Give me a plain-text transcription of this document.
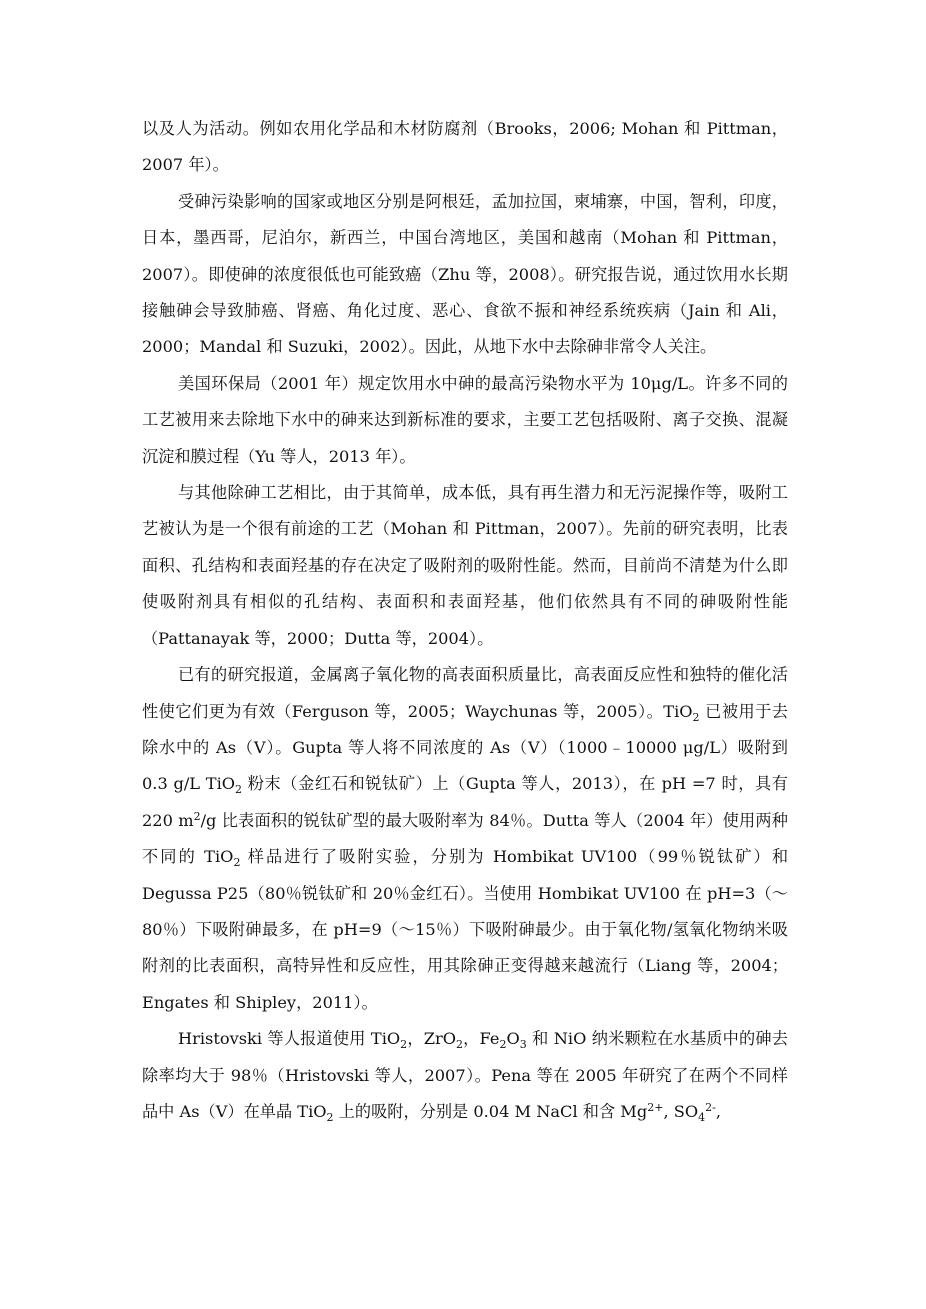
以及人为活动。例如农用化学品和木材防腐剂（Brooks，2006; Mohan 和 Pittman，2007 年）。

受砷污染影响的国家或地区分别是阿根廷，孟加拉国，柬埔寨，中国，智利，印度，日本，墨西哥，尼泊尔，新西兰，中国台湾地区，美国和越南（Mohan 和 Pittman，2007）。即使砷的浓度很低也可能致癌（Zhu 等，2008）。研究报告说，通过饮用水长期接触砷会导致肺癌、肾癌、角化过度、恶心、食欲不振和神经系统疾病（Jain 和 Ali，2000；Mandal 和 Suzuki，2002）。因此，从地下水中去除砷非常令人关注。

美国环保局（2001 年）规定饮用水中砷的最高污染物水平为 10μg/L。许多不同的工艺被用来去除地下水中的砷来达到新标准的要求，主要工艺包括吸附、离子交换、混凝沉淀和膜过程（Yu 等人，2013 年）。

与其他除砷工艺相比，由于其简单，成本低，具有再生潜力和无污泥操作等，吸附工艺被认为是一个很有前途的工艺（Mohan 和 Pittman，2007）。先前的研究表明，比表面积、孔结构和表面羟基的存在决定了吸附剂的吸附性能。然而，目前尚不清楚为什么即使吸附剂具有相似的孔结构、表面积和表面羟基，他们依然具有不同的砷吸附性能（Pattanayak 等，2000；Dutta 等，2004）。

已有的研究报道，金属离子氧化物的高表面积质量比，高表面反应性和独特的催化活性使它们更为有效（Ferguson 等，2005；Waychunas 等，2005）。TiO$_2$ 已被用于去除水中的 As（V）。Gupta 等人将不同浓度的 As（V）（1000﹣10000 μg/L）吸附到 0.3 g/L TiO$_2$ 粉末（金红石和锐钛矿）上（Gupta 等人，2013），在 pH =7 时，具有 220 $m^2/g$ 比表面积的锐钛矿型的最大吸附率为 84％。Dutta 等人（2004 年）使用两种不同的 TiO$_2$ 样品进行了吸附实验，分别为 Hombikat UV100（99％锐钛矿）和 Degussa P25（80％锐钛矿和 20％金红石）。当使用 Hombikat UV100 在 pH=3（～80％）下吸附砷最多，在 pH=9（～15％）下吸附砷最少。由于氧化物/氢氧化物纳米吸附剂的比表面积，高特异性和反应性，用其除砷正变得越来越流行（Liang 等，2004；Engates 和 Shipley，2011）。

Hristovski 等人报道使用 TiO$_2$，ZrO$_2$，$Fe_2O_3$ 和 NiO 纳米颗粒在水基质中的砷去除率均大于 98％（Hristovski 等人，2007）。Pena 等在 2005 年研究了在两个不同样品中 As（V）在单晶 TiO$_2$ 上的吸附，分别是 0.04 M NaCl 和含 $Mg^{2+}$, $SO_4^{2-}$,
